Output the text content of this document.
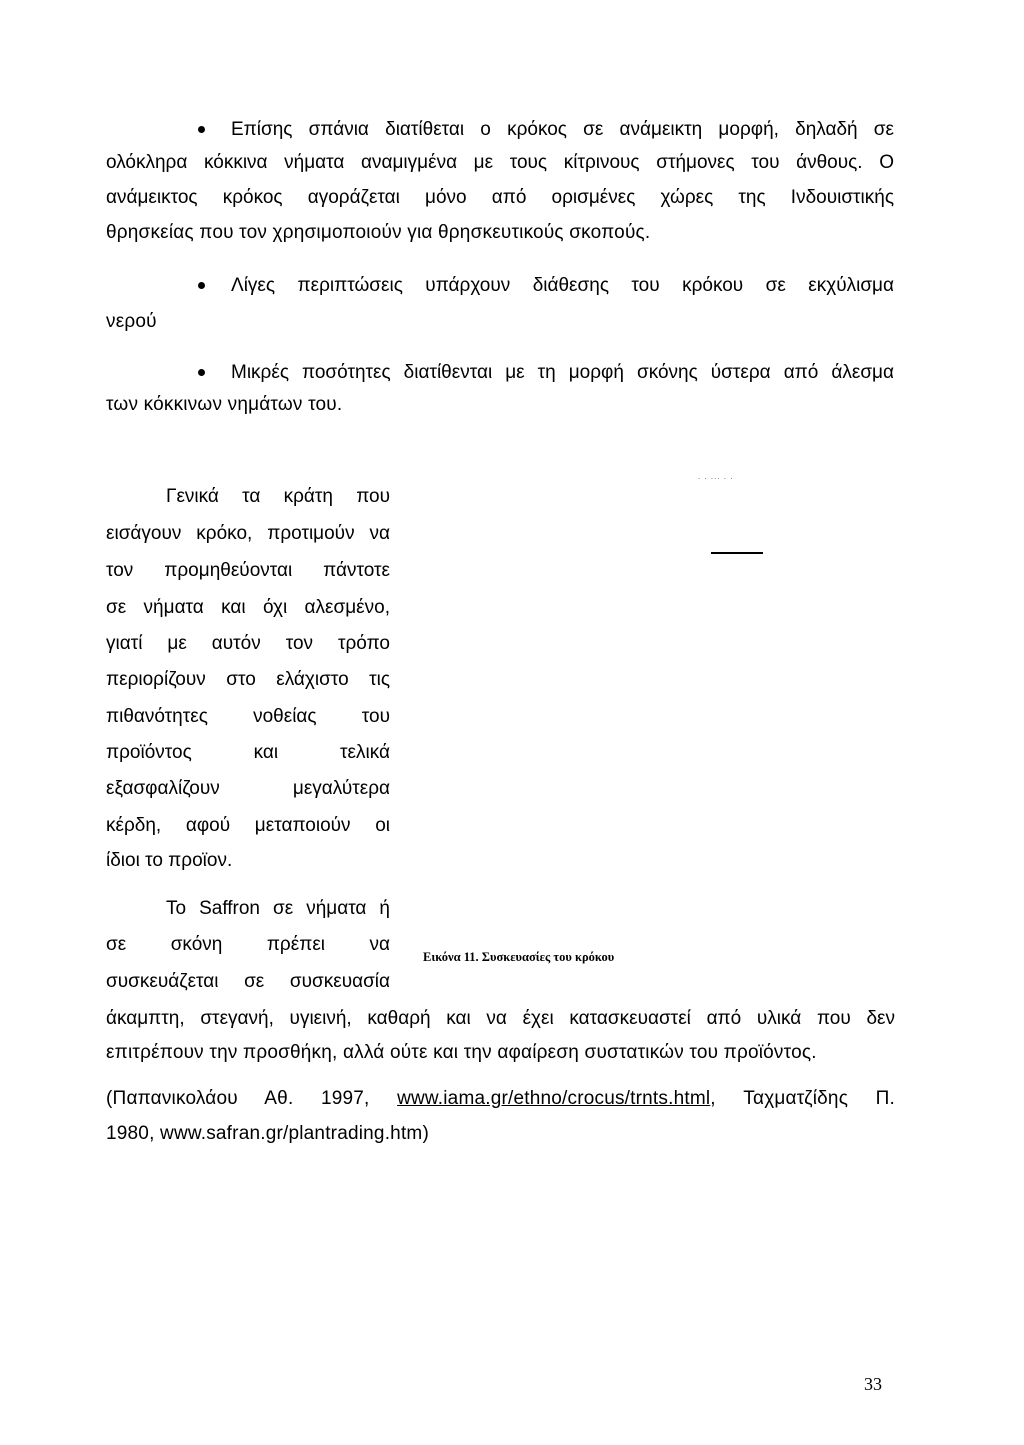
Επίσης σπάνια διατίθεται ο κρόκος σε ανάμεικτη μορφή, δηλαδή σε
ολόκληρα κόκκινα νήματα αναμιγμένα με τους κίτρινους στήμονες του άνθους. Ο
ανάμεικτος κρόκος αγοράζεται μόνο από ορισμένες χώρες της Ινδουιστικής
θρησκείας που τον χρησιμοποιούν για θρησκευτικούς σκοπούς.
Λίγες περιπτώσεις υπάρχουν διάθεσης του κρόκου σε εκχύλισμα
νερού
Μικρές ποσότητες διατίθενται με τη μορφή σκόνης ύστερα από άλεσμα
των κόκκινων νημάτων του.
Γενικά τα κράτη που
εισάγουν κρόκο, προτιμούν να
τον προμηθεύονται πάντοτε
σε νήματα και όχι αλεσμένο,
γιατί με αυτόν τον τρόπο
περιορίζουν στο ελάχιστο τις
πιθανότητες νοθείας του
προϊόντος και τελικά
εξασφαλίζουν μεγαλύτερα
κέρδη, αφού μεταποιούν οι
ίδιοι το προϊον.
. . ... . .
Το Saffron σε νήματα ή
σε σκόνη πρέπει να
συσκευάζεται σε συσκευασία
Εικόνα 11. Συσκευασίες του κρόκου
άκαμπτη, στεγανή, υγιεινή, καθαρή και να έχει κατασκευαστεί από υλικά που δεν
επιτρέπουν την προσθήκη, αλλά ούτε και την αφαίρεση συστατικών του προϊόντος.
(Παπανικολάου Αθ. 1997, www.iama.gr/ethno/crocus/trnts.html, Ταχματζίδης Π.
1980, www.safran.gr/plantrading.htm)
33
